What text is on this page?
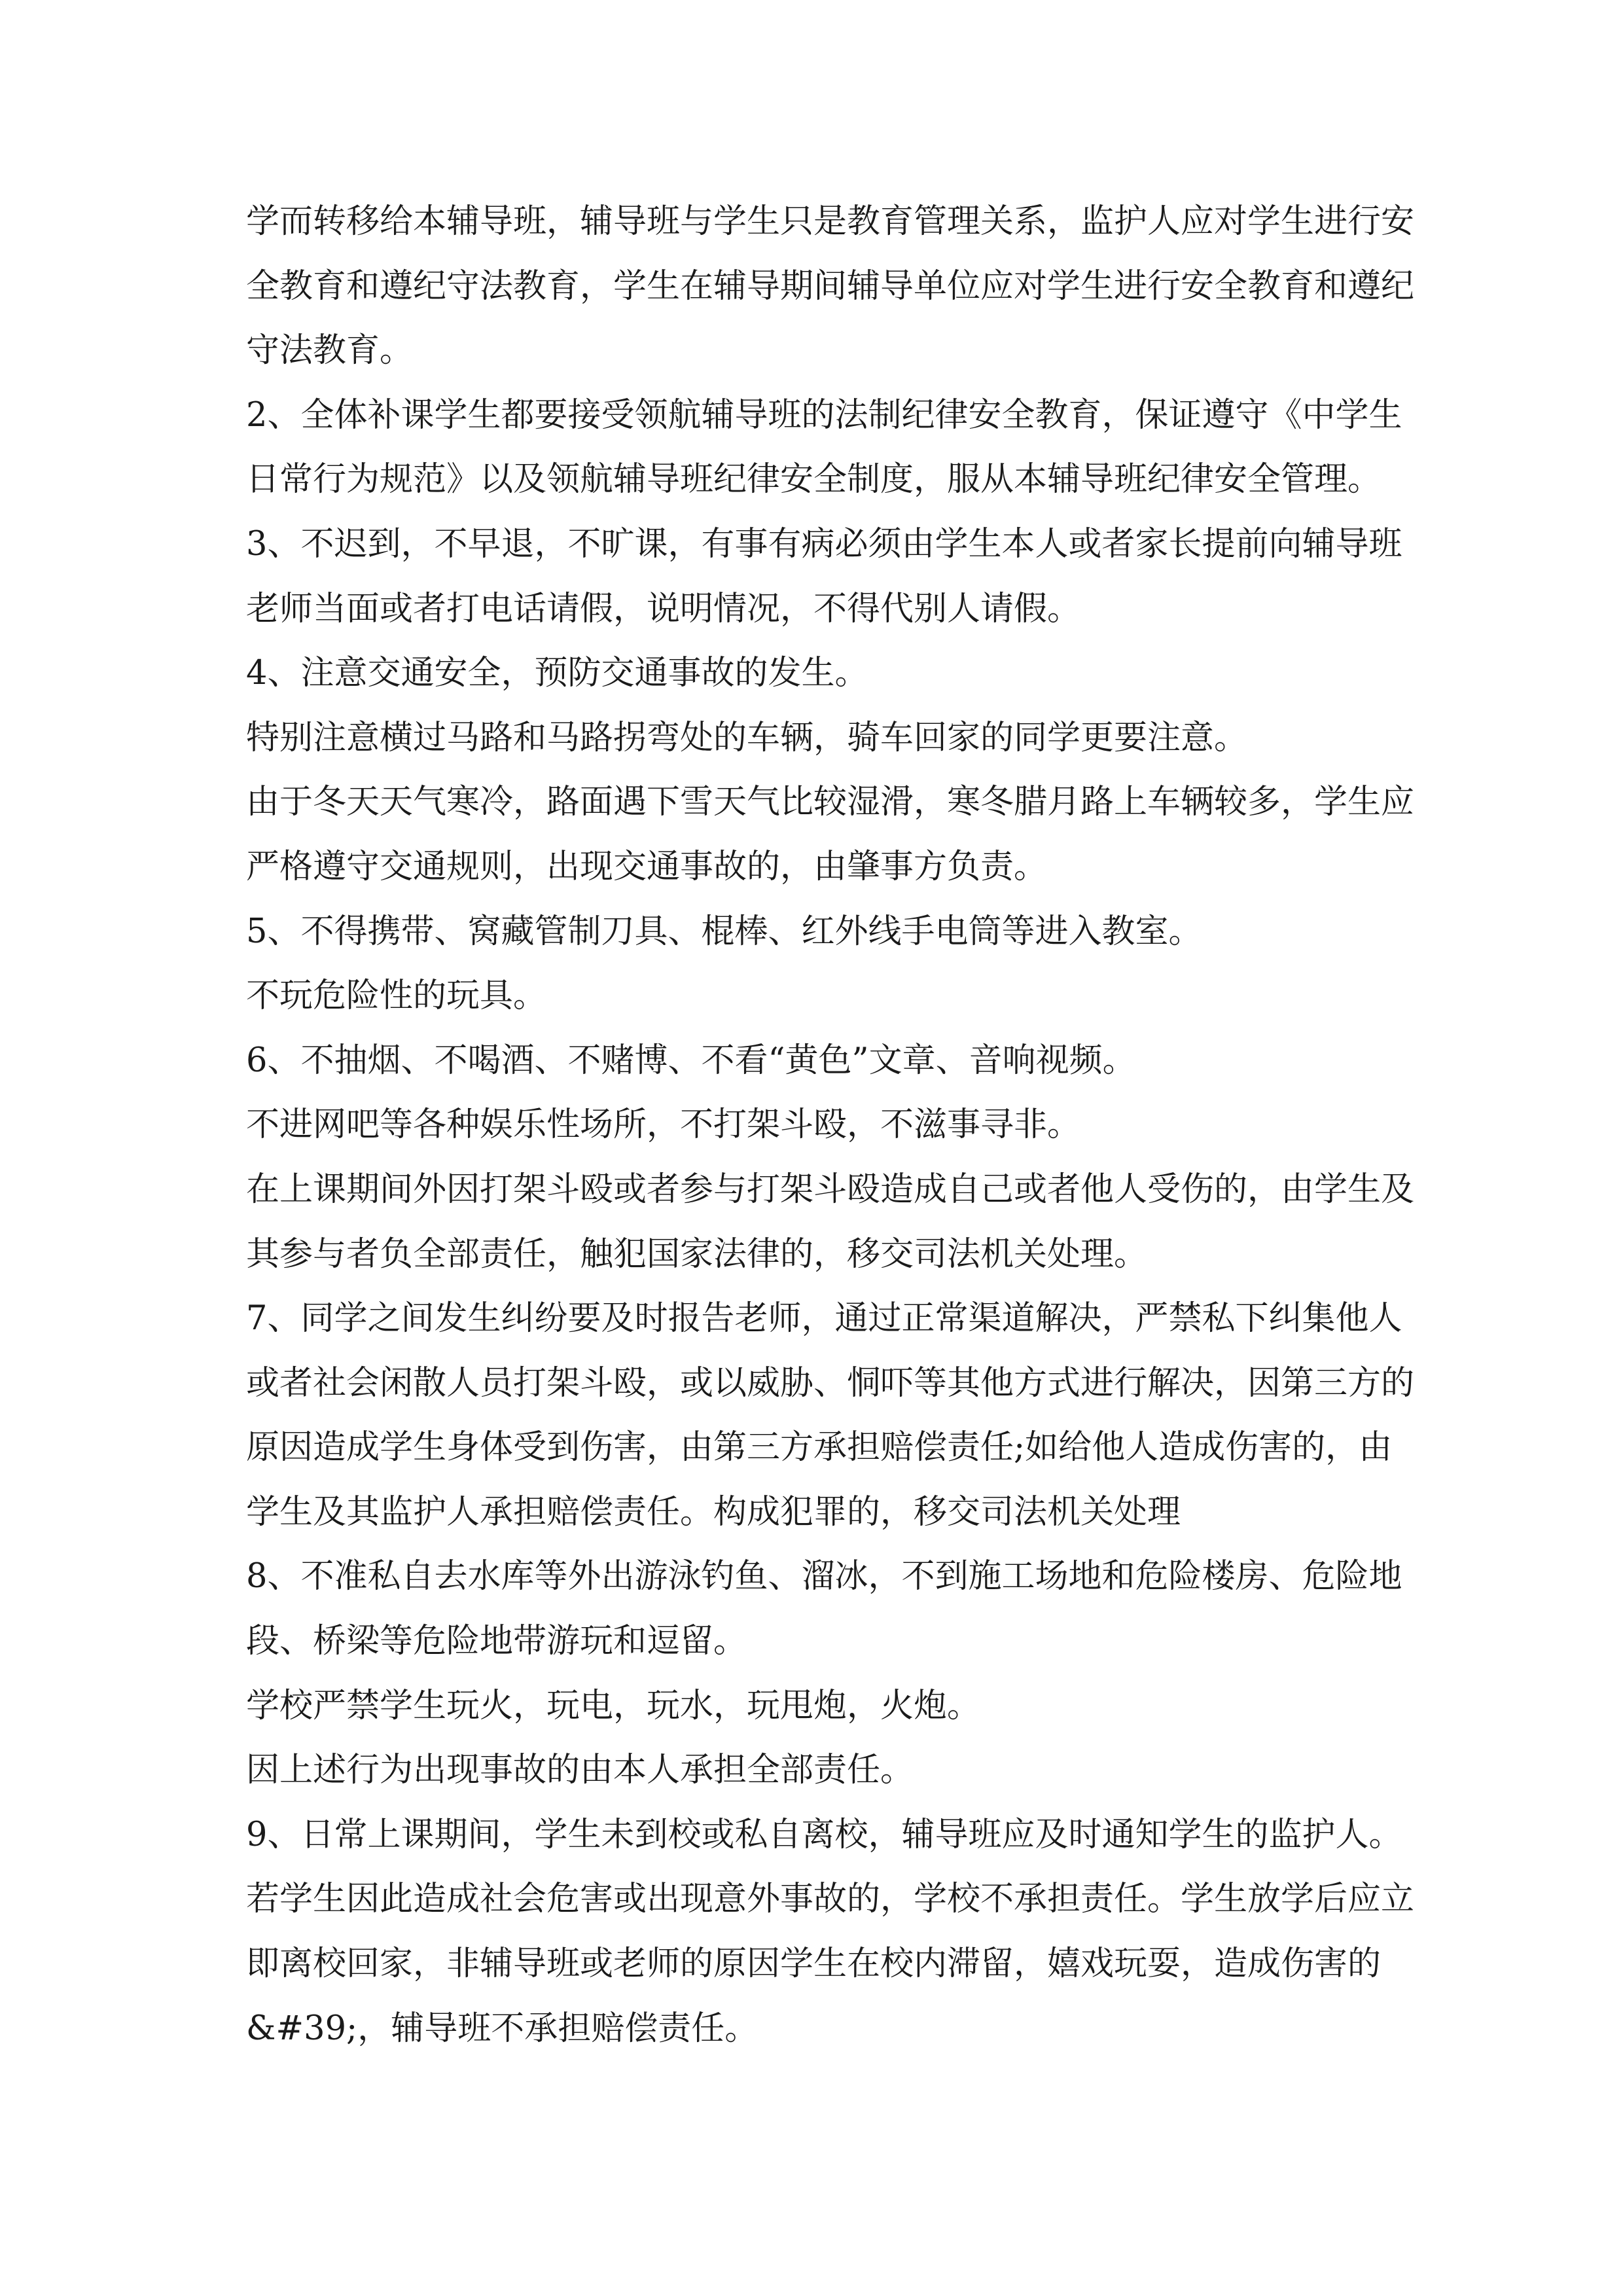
学而转移给本辅导班，辅导班与学生只是教育管理关系，监护人应对学生进行安
全教育和遵纪守法教育，学生在辅导期间辅导单位应对学生进行安全教育和遵纪
守法教育。
2、全体补课学生都要接受领航辅导班的法制纪律安全教育，保证遵守《中学生
日常行为规范》以及领航辅导班纪律安全制度，服从本辅导班纪律安全管理。
3、不迟到，不早退，不旷课，有事有病必须由学生本人或者家长提前向辅导班
老师当面或者打电话请假，说明情况，不得代别人请假。
4、注意交通安全，预防交通事故的发生。
特别注意横过马路和马路拐弯处的车辆，骑车回家的同学更要注意。
由于冬天天气寒冷，路面遇下雪天气比较湿滑，寒冬腊月路上车辆较多，学生应
严格遵守交通规则，出现交通事故的，由肇事方负责。
5、不得携带、窝藏管制刀具、棍棒、红外线手电筒等进入教室。
不玩危险性的玩具。
6、不抽烟、不喝酒、不赌博、不看“黄色”文章、音响视频。
不进网吧等各种娱乐性场所，不打架斗殴，不滋事寻非。
在上课期间外因打架斗殴或者参与打架斗殴造成自己或者他人受伤的，由学生及
其参与者负全部责任，触犯国家法律的，移交司法机关处理。
7、同学之间发生纠纷要及时报告老师，通过正常渠道解决，严禁私下纠集他人
或者社会闲散人员打架斗殴，或以威胁、恫吓等其他方式进行解决，因第三方的
原因造成学生身体受到伤害，由第三方承担赔偿责任;如给他人造成伤害的，由
学生及其监护人承担赔偿责任。构成犯罪的，移交司法机关处理
8、不准私自去水库等外出游泳钓鱼、溜冰，不到施工场地和危险楼房、危险地
段、桥梁等危险地带游玩和逗留。
学校严禁学生玩火，玩电，玩水，玩甩炮，火炮。
因上述行为出现事故的由本人承担全部责任。
9、日常上课期间，学生未到校或私自离校，辅导班应及时通知学生的监护人。
若学生因此造成社会危害或出现意外事故的，学校不承担责任。学生放学后应立
即离校回家，非辅导班或老师的原因学生在校内滞留，嬉戏玩耍，造成伤害的
&#39;，辅导班不承担赔偿责任。
